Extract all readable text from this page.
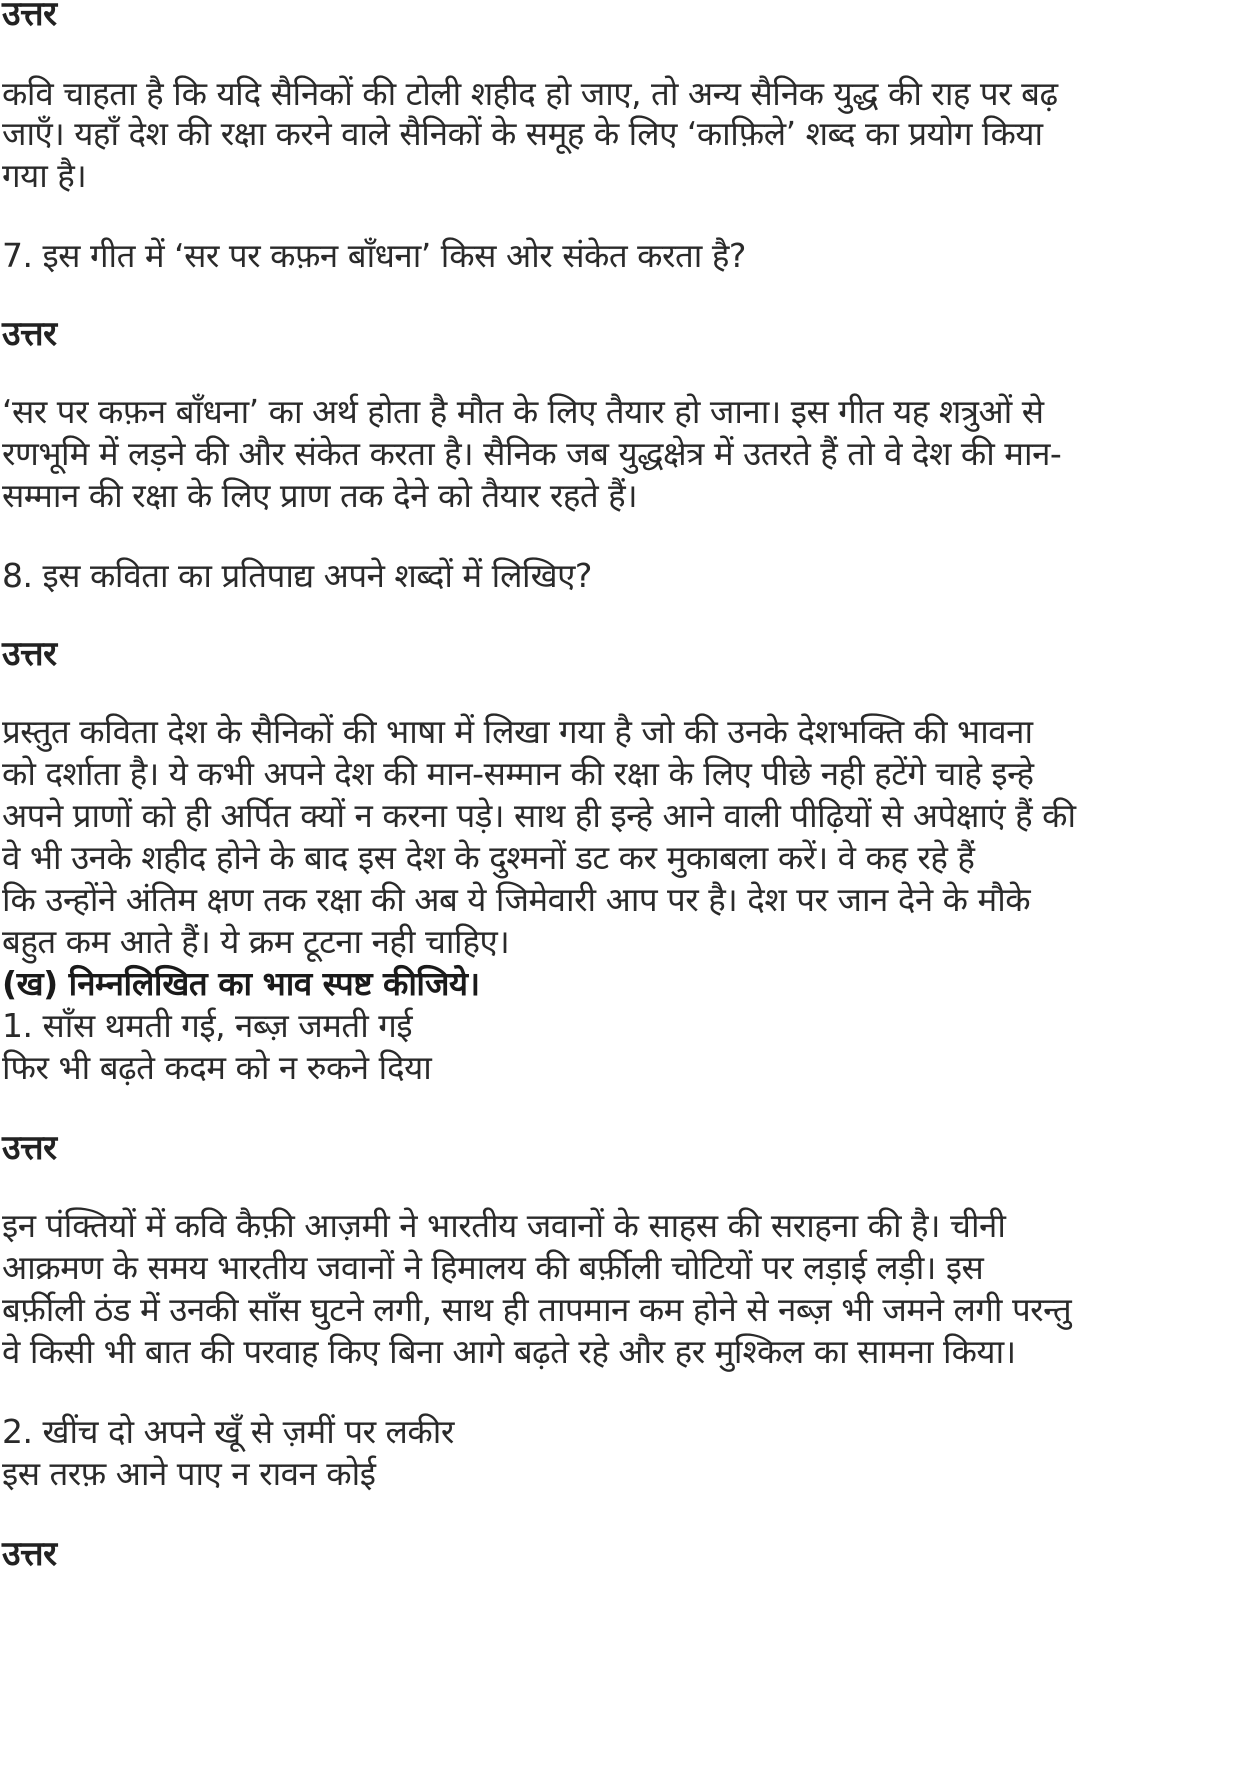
उत्तर
कवि चाहता है कि यदि सैनिकों की टोली शहीद हो जाए, तो अन्य सैनिक युद्ध की राह पर बढ़
जाएँ। यहाँ देश की रक्षा करने वाले सैनिकों के समूह के लिए ‘काफ़िले’ शब्द का प्रयोग किया
गया है।
7. इस गीत में ‘सर पर कफ़न बाँधना’ किस ओर संकेत करता है?
उत्तर
‘सर पर कफ़न बाँधना’ का अर्थ होता है मौत के लिए तैयार हो जाना। इस गीत यह शत्रुओं से
रणभूमि में लड़ने की और संकेत करता है। सैनिक जब युद्धक्षेत्र में उतरते हैं तो वे देश की मान-
सम्मान की रक्षा के लिए प्राण तक देने को तैयार रहते हैं।
8. इस कविता का प्रतिपाद्य अपने शब्दों में लिखिए?
उत्तर
प्रस्तुत कविता देश के सैनिकों की भाषा में लिखा गया है जो की उनके देशभक्ति की भावना
को दर्शाता है। ये कभी अपने देश की मान-सम्मान की रक्षा के लिए पीछे नही हटेंगे चाहे इन्हे
अपने प्राणों को ही अर्पित क्यों न करना पड़े। साथ ही इन्हे आने वाली पीढ़ियों से अपेक्षाएं हैं की
वे भी उनके शहीद होने के बाद इस देश के दुश्मनों डट कर मुकाबला करें। वे कह रहे हैं
कि उन्होंने अंतिम क्षण तक रक्षा की अब ये जिमेवारी आप पर है। देश पर जान देने के मौके
बहुत कम आते हैं। ये क्रम टूटना नही चाहिए।
(ख) निम्नलिखित का भाव स्पष्ट कीजिये।
1. साँस थमती गई, नब्ज़ जमती गई
फिर भी बढ़ते कदम को न रुकने दिया
उत्तर
इन पंक्तियों में कवि कैफ़ी आज़मी ने भारतीय जवानों के साहस की सराहना की है। चीनी
आक्रमण के समय भारतीय जवानों ने हिमालय की बर्फ़ीली चोटियों पर लड़ाई लड़ी। इस
बर्फ़ीली ठंड में उनकी साँस घुटने लगी, साथ ही तापमान कम होने से नब्ज़ भी जमने लगी परन्तु
वे किसी भी बात की परवाह किए बिना आगे बढ़ते रहे और हर मुश्किल का सामना किया।
2. खींच दो अपने खूँ से ज़मीं पर लकीर
इस तरफ़ आने पाए न रावन कोई
उत्तर
